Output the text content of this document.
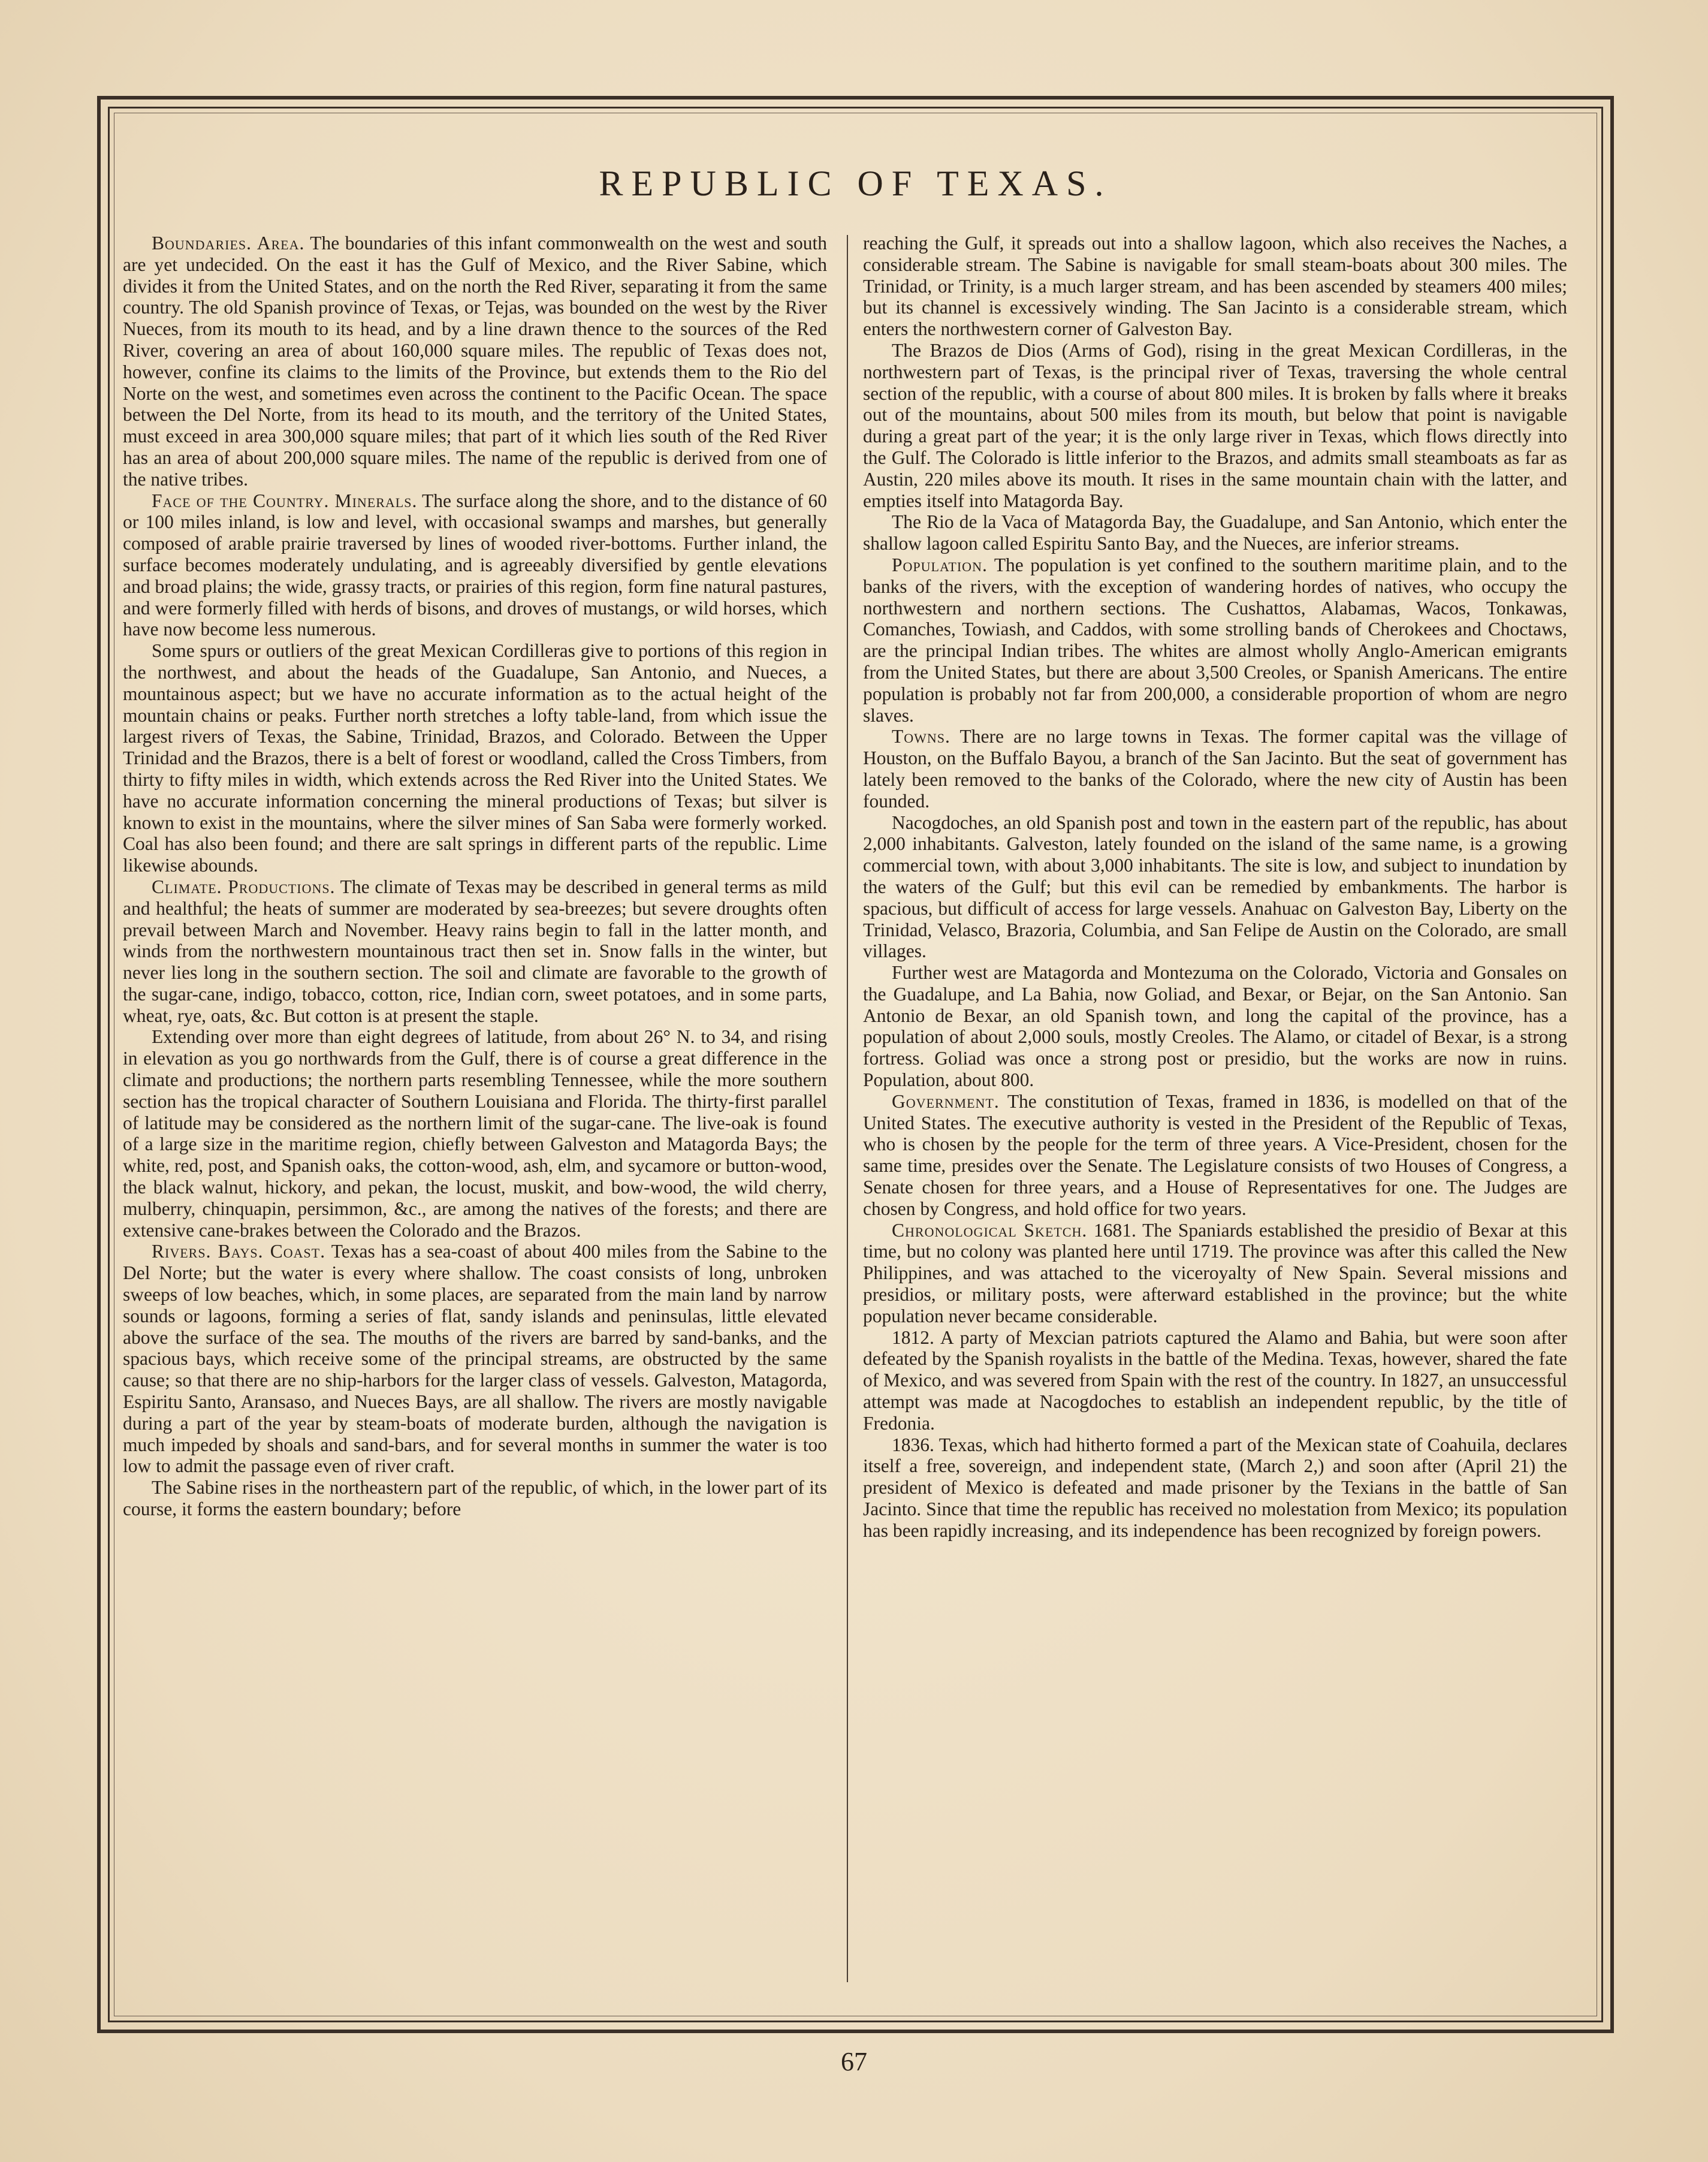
REPUBLIC OF TEXAS.

Boundaries. Area. The boundaries of this infant commonwealth on the west and south are yet undecided. On the east it has the Gulf of Mexico, and the River Sabine, which divides it from the United States, and on the north the Red River, separating it from the same country. The old Spanish province of Texas, or Tejas, was bounded on the west by the River Nueces, from its mouth to its head, and by a line drawn thence to the sources of the Red River, covering an area of about 160,000 square miles. The republic of Texas does not, however, confine its claims to the limits of the Province, but extends them to the Rio del Norte on the west, and sometimes even across the continent to the Pacific Ocean. The space between the Del Norte, from its head to its mouth, and the territory of the United States, must exceed in area 300,000 square miles; that part of it which lies south of the Red River has an area of about 200,000 square miles. The name of the republic is derived from one of the native tribes.

Face of the Country. Minerals. The surface along the shore, and to the distance of 60 or 100 miles inland, is low and level, with occasional swamps and marshes, but generally composed of arable prairie traversed by lines of wooded river-bottoms. Further inland, the surface becomes moderately undulating, and is agreeably diversified by gentle elevations and broad plains; the wide, grassy tracts, or prairies of this region, form fine natural pastures, and were formerly filled with herds of bisons, and droves of mustangs, or wild horses, which have now become less numerous.

Some spurs or outliers of the great Mexican Cordilleras give to portions of this region in the northwest, and about the heads of the Guadalupe, San Antonio, and Nueces, a mountainous aspect; but we have no accurate information as to the actual height of the mountain chains or peaks. Further north stretches a lofty table-land, from which issue the largest rivers of Texas, the Sabine, Trinidad, Brazos, and Colorado. Between the Upper Trinidad and the Brazos, there is a belt of forest or woodland, called the Cross Timbers, from thirty to fifty miles in width, which extends across the Red River into the United States. We have no accurate information concerning the mineral productions of Texas; but silver is known to exist in the mountains, where the silver mines of San Saba were formerly worked. Coal has also been found; and there are salt springs in different parts of the republic. Lime likewise abounds.

Climate. Productions. The climate of Texas may be described in general terms as mild and healthful; the heats of summer are moderated by sea-breezes; but severe droughts often prevail between March and November. Heavy rains begin to fall in the latter month, and winds from the northwestern mountainous tract then set in. Snow falls in the winter, but never lies long in the southern section. The soil and climate are favorable to the growth of the sugar-cane, indigo, tobacco, cotton, rice, Indian corn, sweet potatoes, and in some parts, wheat, rye, oats, &c. But cotton is at present the staple.

Extending over more than eight degrees of latitude, from about 26° N. to 34, and rising in elevation as you go northwards from the Gulf, there is of course a great difference in the climate and productions; the northern parts resembling Tennessee, while the more southern section has the tropical character of Southern Louisiana and Florida. The thirty-first parallel of latitude may be considered as the northern limit of the sugar-cane. The live-oak is found of a large size in the maritime region, chiefly between Galveston and Matagorda Bays; the white, red, post, and Spanish oaks, the cotton-wood, ash, elm, and sycamore or button-wood, the black walnut, hickory, and pekan, the locust, muskit, and bow-wood, the wild cherry, mulberry, chinquapin, persimmon, &c., are among the natives of the forests; and there are extensive cane-brakes between the Colorado and the Brazos.

Rivers. Bays. Coast. Texas has a sea-coast of about 400 miles from the Sabine to the Del Norte; but the water is every where shallow. The coast consists of long, unbroken sweeps of low beaches, which, in some places, are separated from the main land by narrow sounds or lagoons, forming a series of flat, sandy islands and peninsulas, little elevated above the surface of the sea. The mouths of the rivers are barred by sand-banks, and the spacious bays, which receive some of the principal streams, are obstructed by the same cause; so that there are no ship-harbors for the larger class of vessels. Galveston, Matagorda, Espiritu Santo, Aransaso, and Nueces Bays, are all shallow. The rivers are mostly navigable during a part of the year by steam-boats of moderate burden, although the navigation is much impeded by shoals and sand-bars, and for several months in summer the water is too low to admit the passage even of river craft.

The Sabine rises in the northeastern part of the republic, of which, in the lower part of its course, it forms the eastern boundary; before

reaching the Gulf, it spreads out into a shallow lagoon, which also receives the Naches, a considerable stream. The Sabine is navigable for small steam-boats about 300 miles. The Trinidad, or Trinity, is a much larger stream, and has been ascended by steamers 400 miles; but its channel is excessively winding. The San Jacinto is a considerable stream, which enters the northwestern corner of Galveston Bay.

The Brazos de Dios (Arms of God), rising in the great Mexican Cordilleras, in the northwestern part of Texas, is the principal river of Texas, traversing the whole central section of the republic, with a course of about 800 miles. It is broken by falls where it breaks out of the mountains, about 500 miles from its mouth, but below that point is navigable during a great part of the year; it is the only large river in Texas, which flows directly into the Gulf. The Colorado is little inferior to the Brazos, and admits small steamboats as far as Austin, 220 miles above its mouth. It rises in the same mountain chain with the latter, and empties itself into Matagorda Bay.

The Rio de la Vaca of Matagorda Bay, the Guadalupe, and San Antonio, which enter the shallow lagoon called Espiritu Santo Bay, and the Nueces, are inferior streams.

Population. The population is yet confined to the southern maritime plain, and to the banks of the rivers, with the exception of wandering hordes of natives, who occupy the northwestern and northern sections. The Cushattos, Alabamas, Wacos, Tonkawas, Comanches, Towiash, and Caddos, with some strolling bands of Cherokees and Choctaws, are the principal Indian tribes. The whites are almost wholly Anglo-American emigrants from the United States, but there are about 3,500 Creoles, or Spanish Americans. The entire population is probably not far from 200,000, a considerable proportion of whom are negro slaves.

Towns. There are no large towns in Texas. The former capital was the village of Houston, on the Buffalo Bayou, a branch of the San Jacinto. But the seat of government has lately been removed to the banks of the Colorado, where the new city of Austin has been founded.

Nacogdoches, an old Spanish post and town in the eastern part of the republic, has about 2,000 inhabitants. Galveston, lately founded on the island of the same name, is a growing commercial town, with about 3,000 inhabitants. The site is low, and subject to inundation by the waters of the Gulf; but this evil can be remedied by embankments. The harbor is spacious, but difficult of access for large vessels. Anahuac on Galveston Bay, Liberty on the Trinidad, Velasco, Brazoria, Columbia, and San Felipe de Austin on the Colorado, are small villages.

Further west are Matagorda and Montezuma on the Colorado, Victoria and Gonsales on the Guadalupe, and La Bahia, now Goliad, and Bexar, or Bejar, on the San Antonio. San Antonio de Bexar, an old Spanish town, and long the capital of the province, has a population of about 2,000 souls, mostly Creoles. The Alamo, or citadel of Bexar, is a strong fortress. Goliad was once a strong post or presidio, but the works are now in ruins. Population, about 800.

Government. The constitution of Texas, framed in 1836, is modelled on that of the United States. The executive authority is vested in the President of the Republic of Texas, who is chosen by the people for the term of three years. A Vice-President, chosen for the same time, presides over the Senate. The Legislature consists of two Houses of Congress, a Senate chosen for three years, and a House of Representatives for one. The Judges are chosen by Congress, and hold office for two years.

Chronological Sketch. 1681. The Spaniards established the presidio of Bexar at this time, but no colony was planted here until 1719. The province was after this called the New Philippines, and was attached to the viceroyalty of New Spain. Several missions and presidios, or military posts, were afterward established in the province; but the white population never became considerable.

1812. A party of Mexcian patriots captured the Alamo and Bahia, but were soon after defeated by the Spanish royalists in the battle of the Medina. Texas, however, shared the fate of Mexico, and was severed from Spain with the rest of the country. In 1827, an unsuccessful attempt was made at Nacogdoches to establish an independent republic, by the title of Fredonia.

1836. Texas, which had hitherto formed a part of the Mexican state of Coahuila, declares itself a free, sovereign, and independent state, (March 2,) and soon after (April 21) the president of Mexico is defeated and made prisoner by the Texians in the battle of San Jacinto. Since that time the republic has received no molestation from Mexico; its population has been rapidly increasing, and its independence has been recognized by foreign powers.

67
